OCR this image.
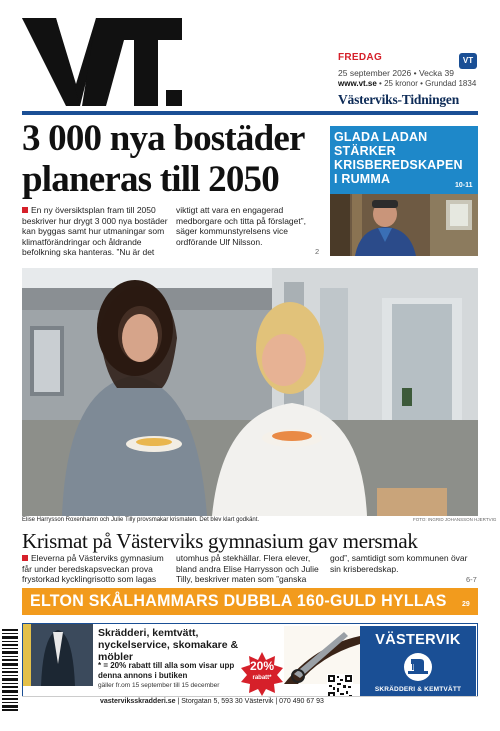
FREDAG	VT
25 september 2026 • Vecka 39
www.vt.se • 25 kronor • Grundad 1834
Västerviks-Tidningen
3 000 nya bostäder planeras till 2050
En ny översiktsplan fram till 2050 beskriver hur drygt 3 000 nya bostäder kan byggas samt hur utmaningar som klimatförändringar och åldrande befolkning ska hanteras. ”Nu är det
viktigt att vara en engagerad medborgare och titta på förslaget”, säger kommunstyrelsens vice ordförande Ulf Nilsson.
2
GLADA LADAN STÄRKER KRISBEREDSKAPEN I RUMMA	10-11
Elise Harrysson Roxenhamn och Julie Tilly provsmakar krismaten. Det blev klart godkänt.	FOTO: INGRID JOHANSSON HJERTVIG
Krismat på Västerviks gymnasium gav mersmak
Eleverna på Västerviks gymnasium får under beredskapsveckan prova frystorkad kycklingrisotto som lagas
utomhus på stekhällar. Flera elever, bland andra Elise Harrysson och Julie Tilly, beskriver maten som ”ganska
god”, samtidigt som kommunen övar sin krisberedskap.
6-7
ELTON SKÅLHAMMARS DUBBLA 160-GULD HYLLAS 29
Skrädderi, kemtvätt, nyckelservice, skomakare & möbler
* = 20% rabatt till alla som visar upp denna annons i butiken
gäller fr.om 15 september till 15 december
20%
rabatt*
VÄSTERVIK
SKRÄDDERI & KEMTVÄTT
vasterviksskradderi.se | Storgatan 5, 593 30 Västervik | 070 490 67 93
